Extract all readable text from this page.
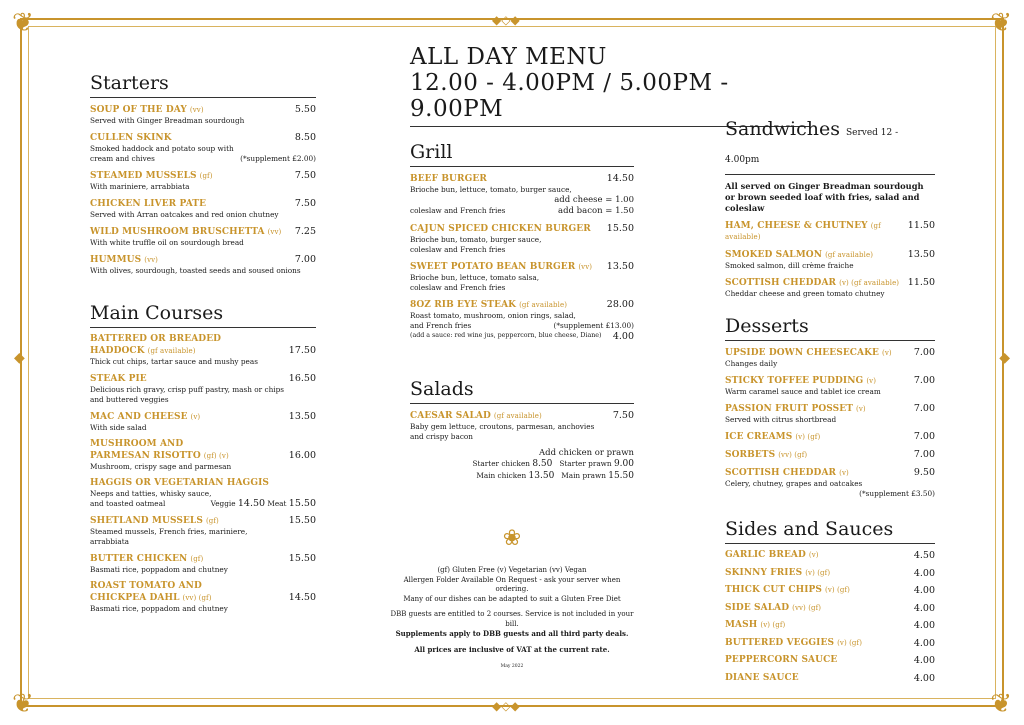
❦	❦
❦	❦
◆◇◆
◆◇◆
◆	◆
Starters
SOUP OF THE DAY (vv)	5.50
Served with Ginger Breadman sourdough
CULLEN SKINK	8.50
Smoked haddock and potato soup with
cream and chives	(*supplement £2.00)
STEAMED MUSSELS (gf)	7.50
With mariniere, arrabbiata
CHICKEN LIVER PATE	7.50
Served with Arran oatcakes and red onion chutney
WILD MUSHROOM BRUSCHETTA (vv)	7.25
With white truffle oil on sourdough bread
HUMMUS (vv)	7.00
With olives, sourdough, toasted seeds and soused onions
Main Courses
BATTERED OR BREADED
HADDOCK (gf available)	17.50
Thick cut chips, tartar sauce and mushy peas
STEAK PIE	16.50
Delicious rich gravy, crisp puff pastry, mash or chips
and buttered veggies
MAC AND CHEESE (v)	13.50
With side salad
MUSHROOM AND
PARMESAN RISOTTO (gf) (v)	16.00
Mushroom, crispy sage and parmesan
HAGGIS OR VEGETARIAN HAGGIS
Neeps and tatties, whisky sauce,
and toasted oatmeal	Veggie 14.50 Meat 15.50
SHETLAND MUSSELS (gf)	15.50
Steamed mussels, French fries, mariniere,
arrabbiata
BUTTER CHICKEN (gf)	15.50
Basmati rice, poppadom and chutney
ROAST TOMATO AND
CHICKPEA DAHL (vv) (gf)	14.50
Basmati rice, poppadom and chutney
ALL DAY MENU
12.00 - 4.00PM / 5.00PM - 9.00PM
Grill
BEEF BURGER	14.50
Brioche bun, lettuce, tomato, burger sauce,
add cheese = 1.00
coleslaw and French fries	add bacon = 1.50
CAJUN SPICED CHICKEN BURGER 15.50
Brioche bun, tomato, burger sauce,
coleslaw and French fries
SWEET POTATO BEAN BURGER (vv) 13.50
Brioche bun, lettuce, tomato salsa,
coleslaw and French fries
8OZ RIB EYE STEAK (gf available)	28.00
Roast tomato, mushroom, onion rings, salad,
and French fries	(*supplement £13.00)
(add a sauce: red wine jus, peppercorn, blue cheese, Diane)	4.00
Salads
CAESAR SALAD (gf available)	7.50
Baby gem lettuce, croutons, parmesan, anchovies
and crispy bacon
Add chicken or prawn
Starter chicken 8.50 Starter prawn 9.00
Main chicken 13.50 Main prawn 15.50
❀

(gf) Gluten Free (v) Vegetarian (vv) Vegan

Allergen Folder Available On Request - ask your server when ordering.

Many of our dishes can be adapted to suit a Gluten Free Diet

DBB guests are entitled to 2 courses. Service is not included in your bill.

Supplements apply to DBB guests and all third party deals.

All prices are inclusive of VAT at the current rate.

May 2022

Sandwiches Served 12 - 4.00pm
All served on Ginger Breadman sourdough or brown seeded loaf with fries, salad and coleslaw
HAM, CHEESE & CHUTNEY (gf available)
11.50
SMOKED SALMON (gf available)	13.50
Smoked salmon, dill crème fraiche
SCOTTISH CHEDDAR (v) (gf available) 11.50
Cheddar cheese and green tomato chutney
Desserts
UPSIDE DOWN CHEESECAKE (v)	7.00
Changes daily
STICKY TOFFEE PUDDING (v)	7.00
Warm caramel sauce and tablet ice cream
PASSION FRUIT POSSET (v)	7.00
Served with citrus shortbread
ICE CREAMS (v) (gf)	7.00
SORBETS (vv) (gf)	7.00
SCOTTISH CHEDDAR (v)	9.50
Celery, chutney, grapes and oatcakes
(*supplement £3.50)
Sides and Sauces
GARLIC BREAD (v)	4.50
SKINNY FRIES (v) (gf)	4.00
THICK CUT CHIPS (v) (gf)	4.00
SIDE SALAD (vv) (gf)	4.00
MASH (v) (gf)	4.00
BUTTERED VEGGIES (v) (gf)	4.00
PEPPERCORN SAUCE	4.00
DIANE SAUCE	4.00
